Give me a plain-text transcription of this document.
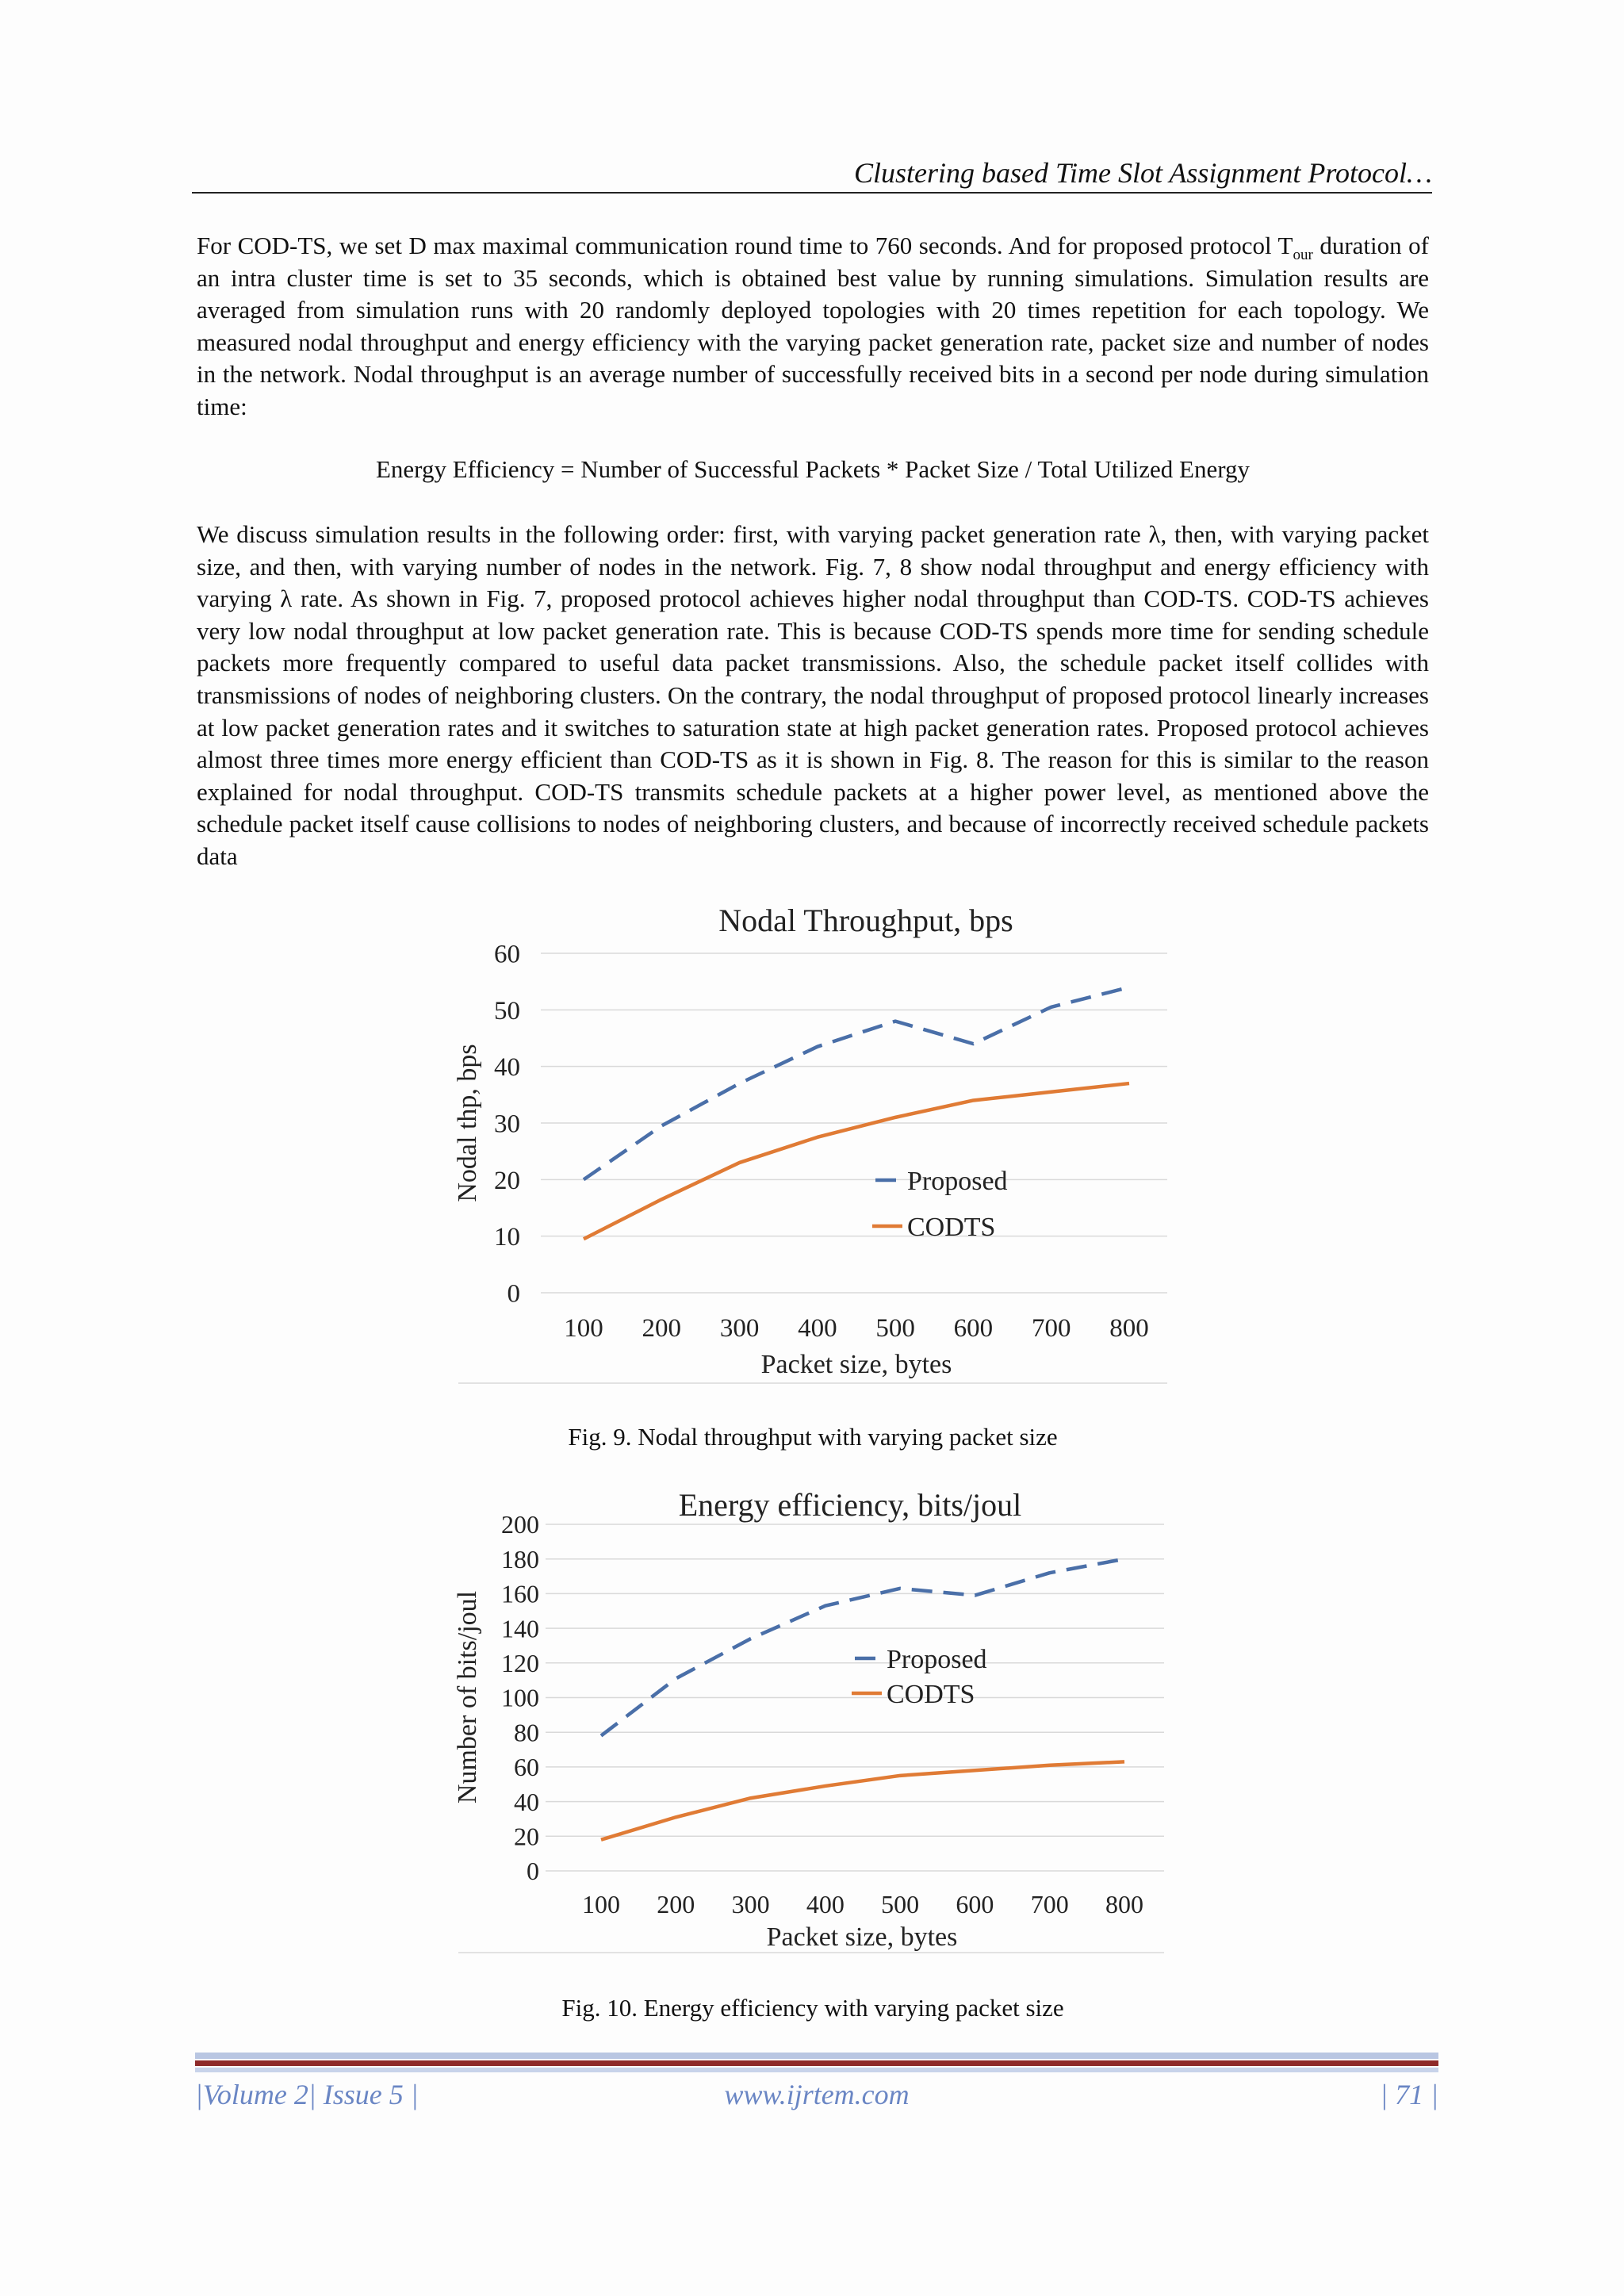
Clustering based Time Slot Assignment Protocol…

For COD-TS, we set D max maximal communication round time to 760 seconds. And for proposed protocol $T_{our}$ duration of an intra cluster time is set to 35 seconds, which is obtained best value by running simulations. Simulation results are averaged from simulation runs with 20 randomly deployed topologies with 20 times repetition for each topology. We measured nodal throughput and energy efficiency with the varying packet generation rate, packet size and number of nodes in the network. Nodal throughput is an average number of successfully received bits in a second per node during simulation time:

Energy Efficiency = Number of Successful Packets * Packet Size / Total Utilized Energy

We discuss simulation results in the following order: first, with varying packet generation rate λ, then, with varying packet size, and then, with varying number of nodes in the network. Fig. 7, 8 show nodal throughput and energy efficiency with varying λ rate. As shown in Fig. 7, proposed protocol achieves higher nodal throughput than COD-TS. COD-TS achieves very low nodal throughput at low packet generation rate. This is because COD-TS spends more time for sending schedule packets more frequently compared to useful data packet transmissions. Also, the schedule packet itself collides with transmissions of nodes of neighboring clusters. On the contrary, the nodal throughput of proposed protocol linearly increases at low packet generation rates and it switches to saturation state at high packet generation rates. Proposed protocol achieves almost three times more energy efficient than COD-TS as it is shown in Fig. 8. The reason for this is similar to the reason explained for nodal throughput. COD-TS transmits schedule packets at a higher power level, as mentioned above the schedule packet itself cause collisions to nodes of neighboring clusters, and because of incorrectly received schedule packets data

Nodal Throughput, bps
0
10
20
30
40
50
60
100 200 300 400 500 600 700 800
Packet size, bytes
Nodal thp, bps	Proposed
CODTS

Fig. 9. Nodal throughput with varying packet size

Energy efficiency, bits/joul
0
20
40
60
80
100
120
140
160
180
200
100 200 300 400 500 600 700 800
Packet size, bytes
Number of bits/joul	Proposed
CODTS

Fig. 10. Energy efficiency with varying packet size

|Volume 2| Issue 5 |	www.ijrtem.com	| 71 |
